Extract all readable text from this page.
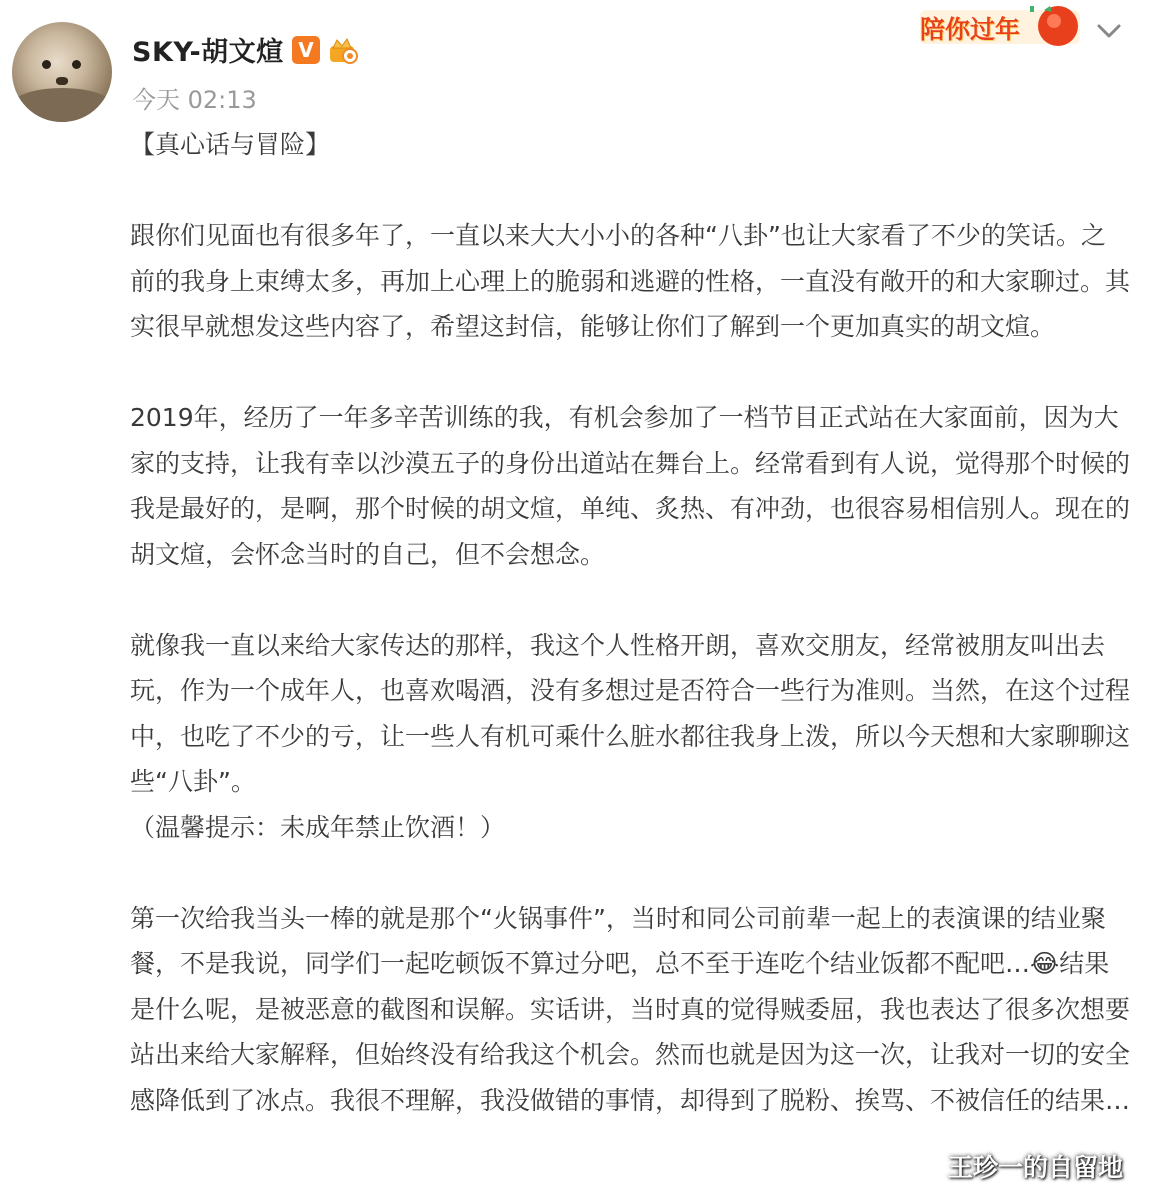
SKY-胡文煊 V
今天 02:13
陪你过年

【真心话与冒险】

跟你们见面也有很多年了，一直以来大大小小的各种“八卦”也让大家看了不少的笑话。之前的我身上束缚太多，再加上心理上的脆弱和逃避的性格，一直没有敞开的和大家聊过。其实很早就想发这些内容了，希望这封信，能够让你们了解到一个更加真实的胡文煊。

2019年，经历了一年多辛苦训练的我，有机会参加了一档节目正式站在大家面前，因为大家的支持，让我有幸以沙漠五子的身份出道站在舞台上。经常看到有人说，觉得那个时候的我是最好的，是啊，那个时候的胡文煊，单纯、炙热、有冲劲，也很容易相信别人。现在的胡文煊，会怀念当时的自己，但不会想念。

就像我一直以来给大家传达的那样，我这个人性格开朗，喜欢交朋友，经常被朋友叫出去玩，作为一个成年人，也喜欢喝酒，没有多想过是否符合一些行为准则。当然，在这个过程中，也吃了不少的亏，让一些人有机可乘什么脏水都往我身上泼，所以今天想和大家聊聊这些“八卦”。

（温馨提示：未成年禁止饮酒！）

第一次给我当头一棒的就是那个“火锅事件”，当时和同公司前辈一起上的表演课的结业聚餐，不是我说，同学们一起吃顿饭不算过分吧，总不至于连吃个结业饭都不配吧…😂结果是什么呢，是被恶意的截图和误解。实话讲，当时真的觉得贼委屈，我也表达了很多次想要站出来给大家解释，但始终没有给我这个机会。然而也就是因为这一次，让我对一切的安全感降低到了冰点。我很不理解，我没做错的事情，却得到了脱粉、挨骂、不被信任的结果…

王珍一的自留地
